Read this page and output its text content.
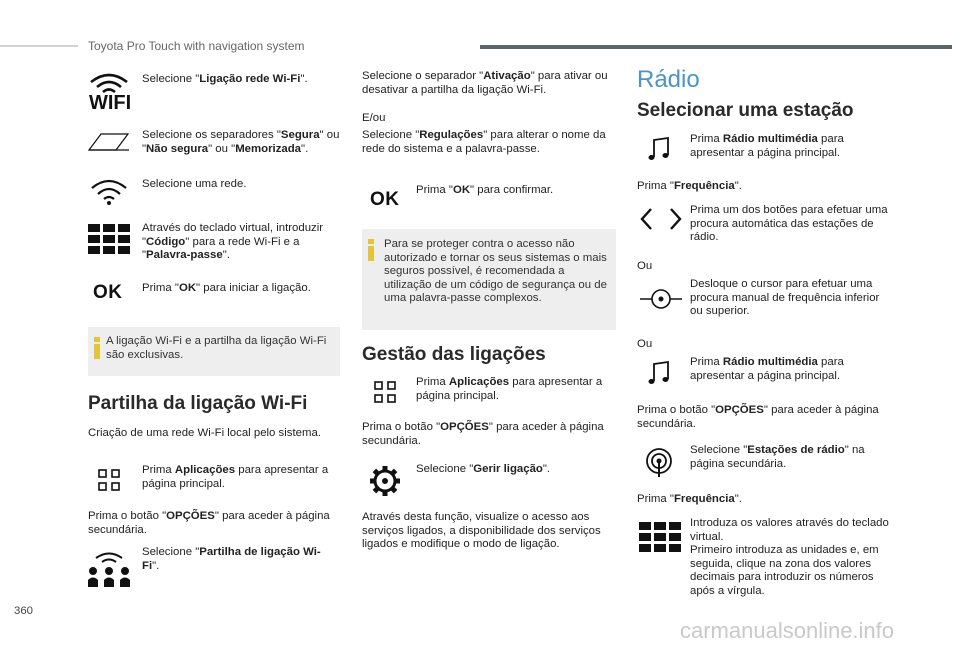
Toyota Pro Touch with navigation system
WIFI
Selecione "Ligação rede Wi-Fi".
Selecione os separadores "Segura" ou "Não segura" ou "Memorizada".
Selecione uma rede.
Através do teclado virtual, introduzir "Código" para a rede Wi-Fi e a "Palavra-passe".
OK Prima "OK" para iniciar a ligação.
A ligação Wi-Fi e a partilha da ligação Wi-Fi são exclusivas.
Partilha da ligação Wi-Fi
Criação de uma rede Wi-Fi local pelo sistema.
Prima Aplicações para apresentar a página principal.
Prima o botão "OPÇÕES" para aceder à página secundária.
Selecione "Partilha de ligação Wi-Fi".
Selecione o separador "Ativação" para ativar ou desativar a partilha da ligação Wi-Fi.
E/ou
Selecione "Regulações" para alterar o nome da rede do sistema e a palavra-passe.
OK Prima "OK" para confirmar.
Para se proteger contra o acesso não autorizado e tornar os seus sistemas o mais seguros possível, é recomendada a utilização de um código de segurança ou de uma palavra-passe complexos.
Gestão das ligações
Prima Aplicações para apresentar a página principal.
Prima o botão "OPÇÕES" para aceder à página secundária.
Selecione "Gerir ligação".
Através desta função, visualize o acesso aos serviços ligados, a disponibilidade dos serviços ligados e modifique o modo de ligação.
Rádio
Selecionar uma estação
Prima Rádio multimédia para apresentar a página principal.
Prima "Frequência".
Prima um dos botões para efetuar uma procura automática das estações de rádio.
Ou
Desloque o cursor para efetuar uma procura manual de frequência inferior ou superior.
Ou
Prima Rádio multimédia para apresentar a página principal.
Prima o botão "OPÇÕES" para aceder à página secundária.
Selecione "Estações de rádio" na página secundária.
Prima "Frequência".
Introduza os valores através do teclado virtual.
Primeiro introduza as unidades e, em seguida, clique na zona dos valores decimais para introduzir os números após a vírgula.
360
carmanualsonline.info
